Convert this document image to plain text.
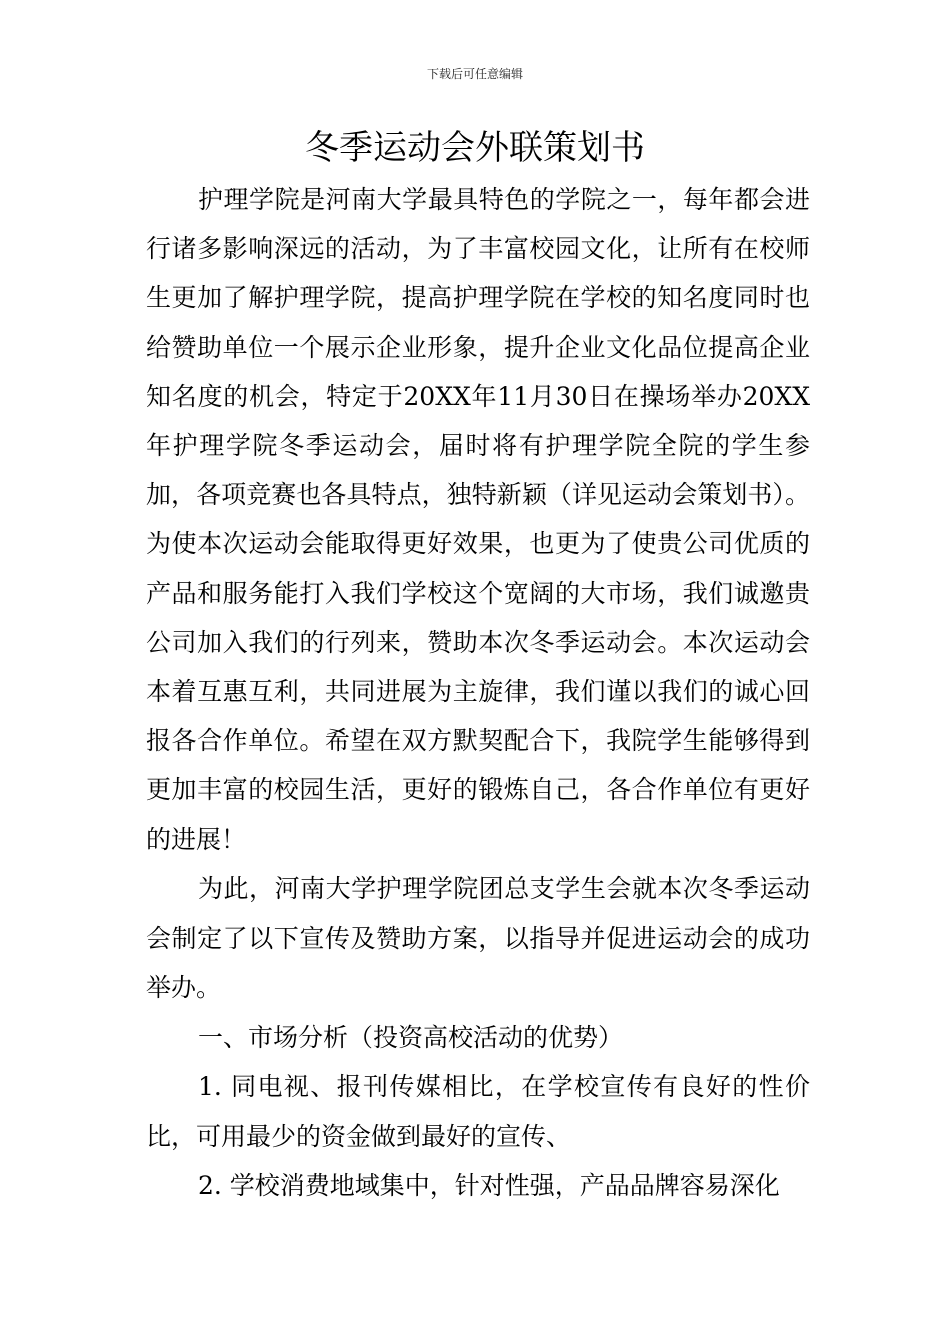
下载后可任意编辑
冬季运动会外联策划书

护理学院是河南大学最具特色的学院之一，每年都会进行诸多影响深远的活动，为了丰富校园文化，让所有在校师生更加了解护理学院，提高护理学院在学校的知名度同时也给赞助单位一个展示企业形象，提升企业文化品位提高企业知名度的机会，特定于20XX年11月30日在操场举办20XX年护理学院冬季运动会，届时将有护理学院全院的学生参加，各项竞赛也各具特点，独特新颖（详见运动会策划书）。为使本次运动会能取得更好效果，也更为了使贵公司优质的产品和服务能打入我们学校这个宽阔的大市场，我们诚邀贵公司加入我们的行列来，赞助本次冬季运动会。本次运动会本着互惠互利，共同进展为主旋律，我们谨以我们的诚心回报各合作单位。希望在双方默契配合下，我院学生能够得到更加丰富的校园生活，更好的锻炼自己，各合作单位有更好的进展！

为此，河南大学护理学院团总支学生会就本次冬季运动会制定了以下宣传及赞助方案，以指导并促进运动会的成功举办。

一、市场分析（投资高校活动的优势）

1. 同电视、报刊传媒相比，在学校宣传有良好的性价比，可用最少的资金做到最好的宣传、

2. 学校消费地域集中，针对性强，产品品牌容易深化
